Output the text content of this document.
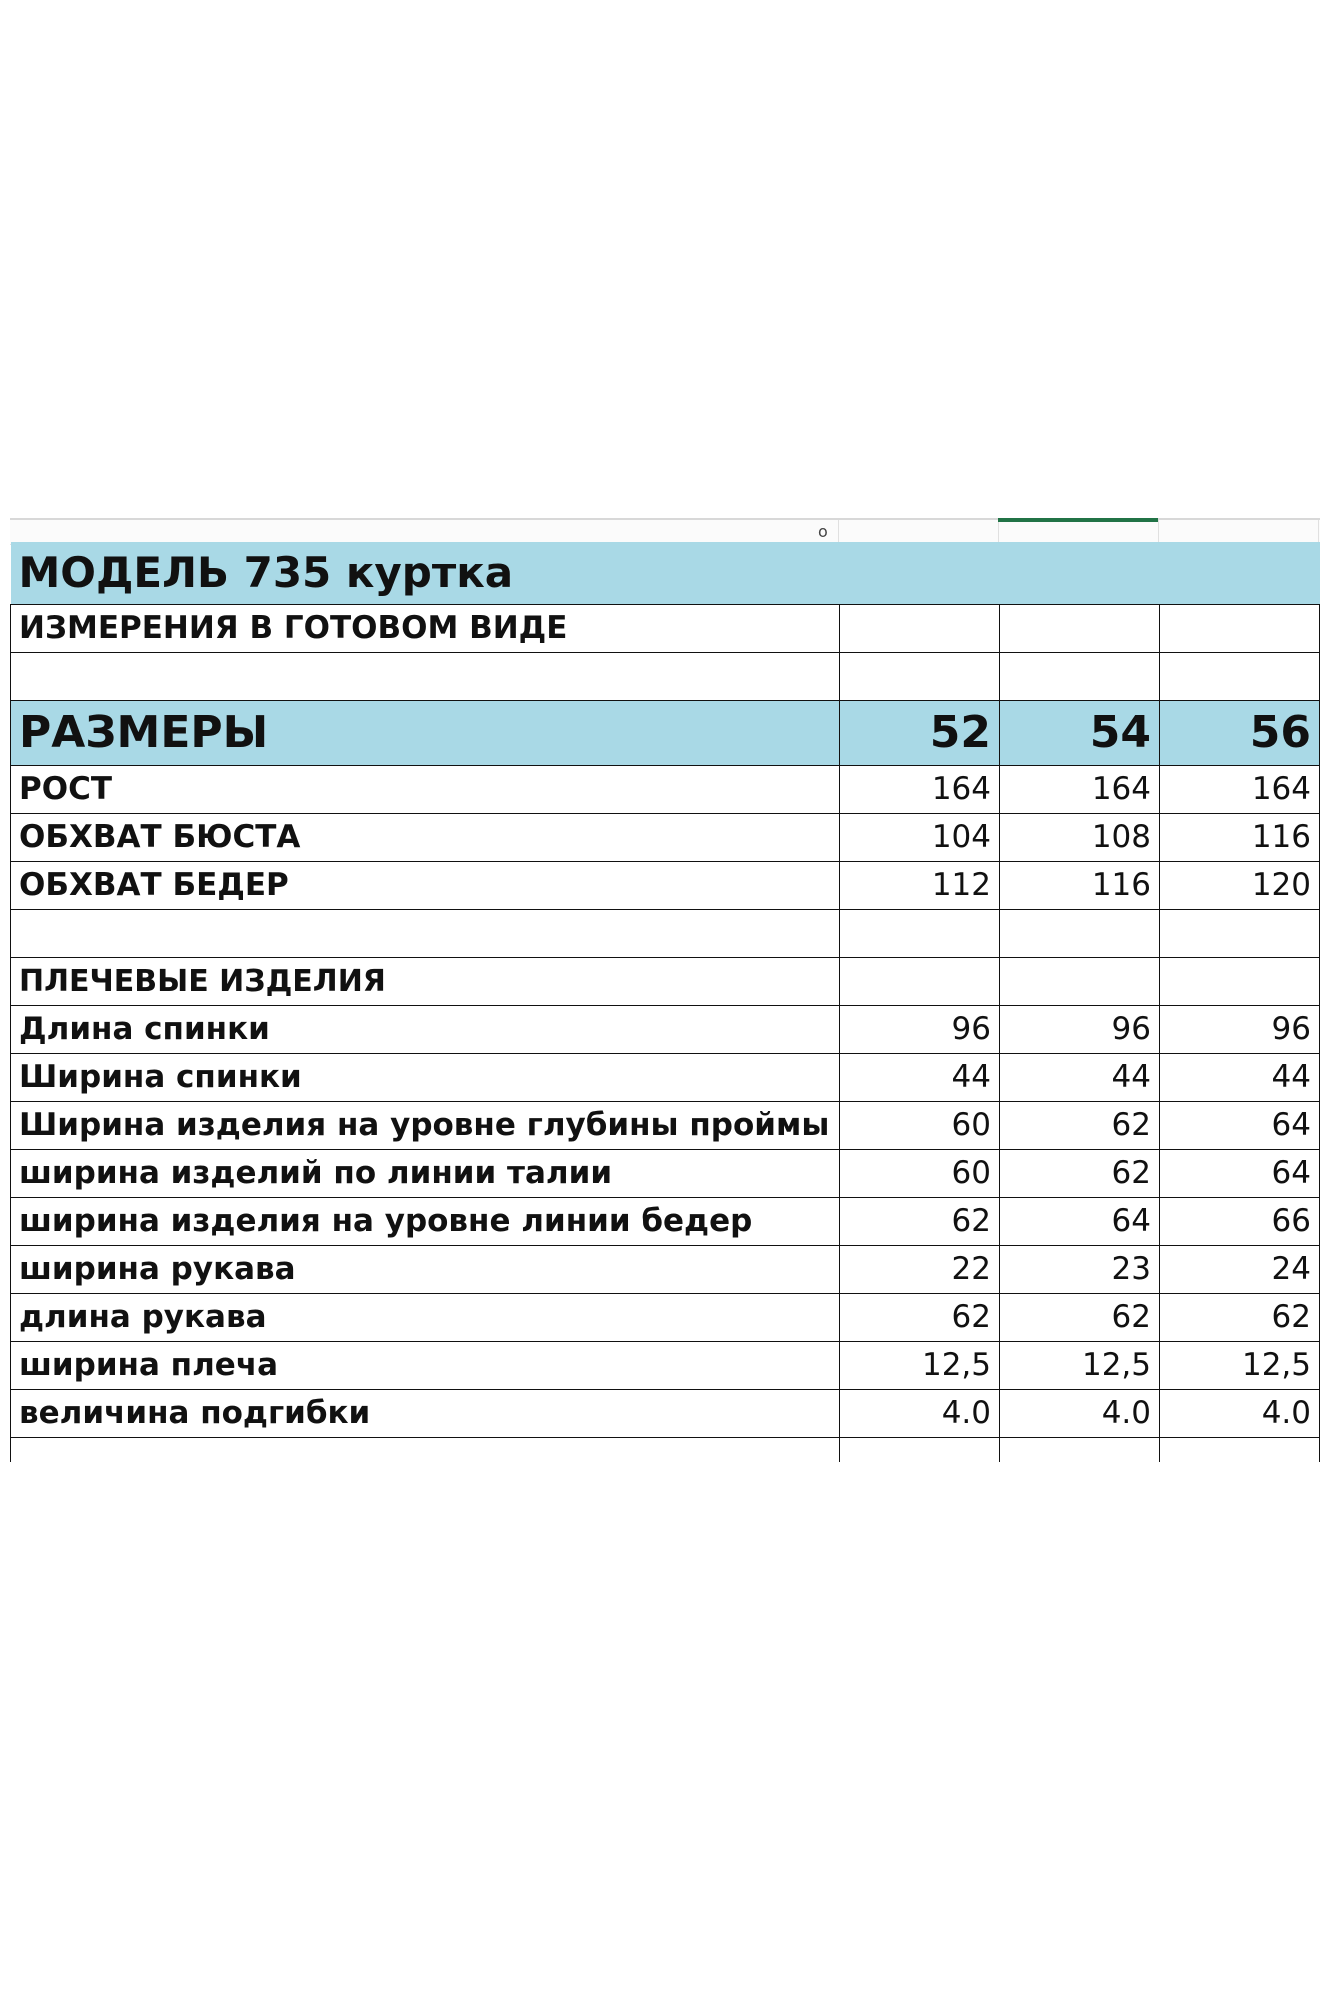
o
МОДЕЛЬ 735 куртка			
ИЗМЕРЕНИЯ В ГОТОВОМ ВИДЕ			

РАЗМЕРЫ	52	54	56
РОСТ	164	164	164
ОБХВАТ БЮСТА	104	108	116
ОБХВАТ БЕДЕР	112	116	120

ПЛЕЧЕВЫЕ ИЗДЕЛИЯ			
Длина спинки	96	96	96
Ширина спинки	44	44	44
Ширина изделия на уровне глубины проймы	60	62	64
ширина изделий по линии талии	60	62	64
ширина изделия на уровне линии бедер	62	64	66
ширина рукава	22	23	24
длина рукава	62	62	62
ширина плеча	12,5	12,5	12,5
величина подгибки	4.0	4.0	4.0
